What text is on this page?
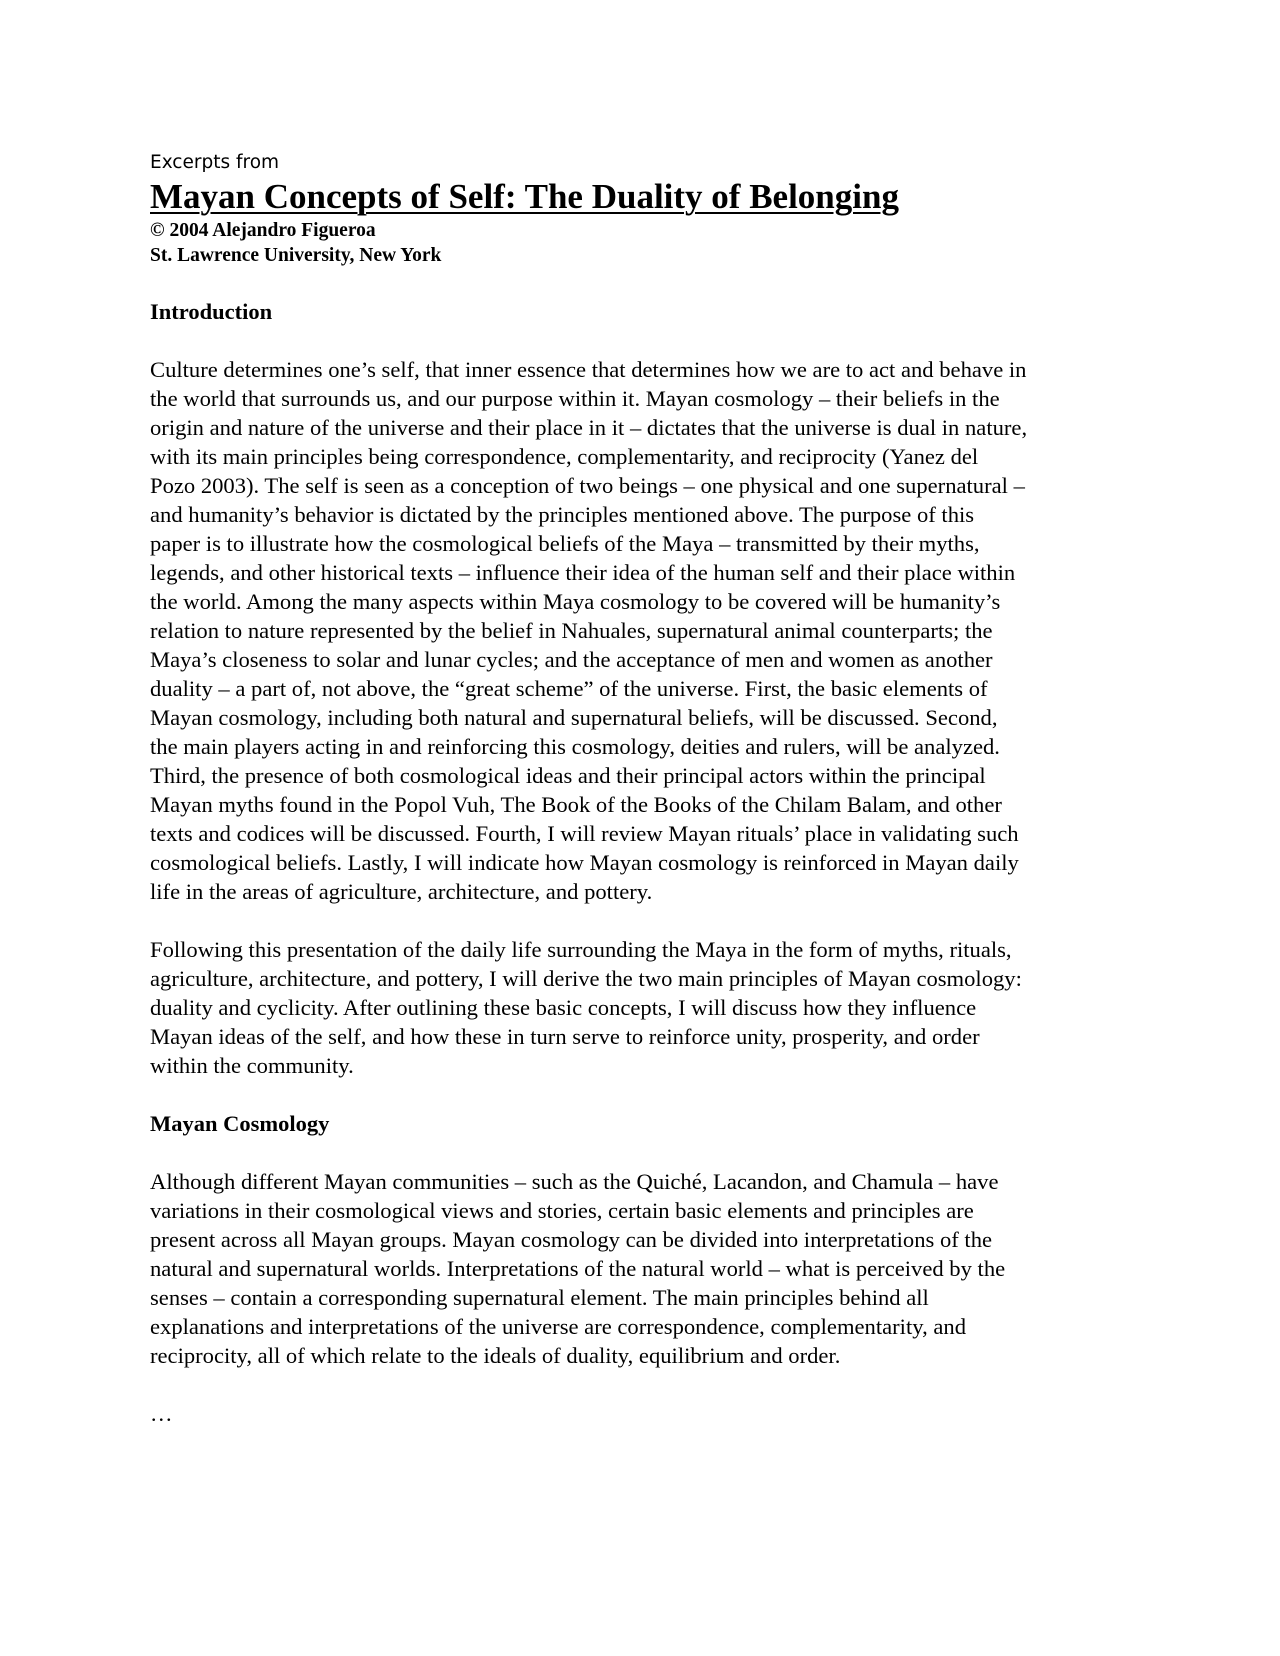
Excerpts from
Mayan Concepts of Self: The Duality of Belonging
© 2004 Alejandro Figueroa
St. Lawrence University, New York
Introduction
Culture determines one’s self, that inner essence that determines how we are to act and behave in
the world that surrounds us, and our purpose within it. Mayan cosmology – their beliefs in the
origin and nature of the universe and their place in it – dictates that the universe is dual in nature,
with its main principles being correspondence, complementarity, and reciprocity (Yanez del
Pozo 2003). The self is seen as a conception of two beings – one physical and one supernatural –
and humanity’s behavior is dictated by the principles mentioned above. The purpose of this
paper is to illustrate how the cosmological beliefs of the Maya – transmitted by their myths,
legends, and other historical texts – influence their idea of the human self and their place within
the world. Among the many aspects within Maya cosmology to be covered will be humanity’s
relation to nature represented by the belief in Nahuales, supernatural animal counterparts; the
Maya’s closeness to solar and lunar cycles; and the acceptance of men and women as another
duality – a part of, not above, the “great scheme” of the universe. First, the basic elements of
Mayan cosmology, including both natural and supernatural beliefs, will be discussed. Second,
the main players acting in and reinforcing this cosmology, deities and rulers, will be analyzed.
Third, the presence of both cosmological ideas and their principal actors within the principal
Mayan myths found in the Popol Vuh, The Book of the Books of the Chilam Balam, and other
texts and codices will be discussed. Fourth, I will review Mayan rituals’ place in validating such
cosmological beliefs. Lastly, I will indicate how Mayan cosmology is reinforced in Mayan daily
life in the areas of agriculture, architecture, and pottery.
Following this presentation of the daily life surrounding the Maya in the form of myths, rituals,
agriculture, architecture, and pottery, I will derive the two main principles of Mayan cosmology:
duality and cyclicity. After outlining these basic concepts, I will discuss how they influence
Mayan ideas of the self, and how these in turn serve to reinforce unity, prosperity, and order
within the community.
Mayan Cosmology
Although different Mayan communities – such as the Quiché, Lacandon, and Chamula – have
variations in their cosmological views and stories, certain basic elements and principles are
present across all Mayan groups. Mayan cosmology can be divided into interpretations of the
natural and supernatural worlds. Interpretations of the natural world – what is perceived by the
senses – contain a corresponding supernatural element. The main principles behind all
explanations and interpretations of the universe are correspondence, complementarity, and
reciprocity, all of which relate to the ideals of duality, equilibrium and order.
…
